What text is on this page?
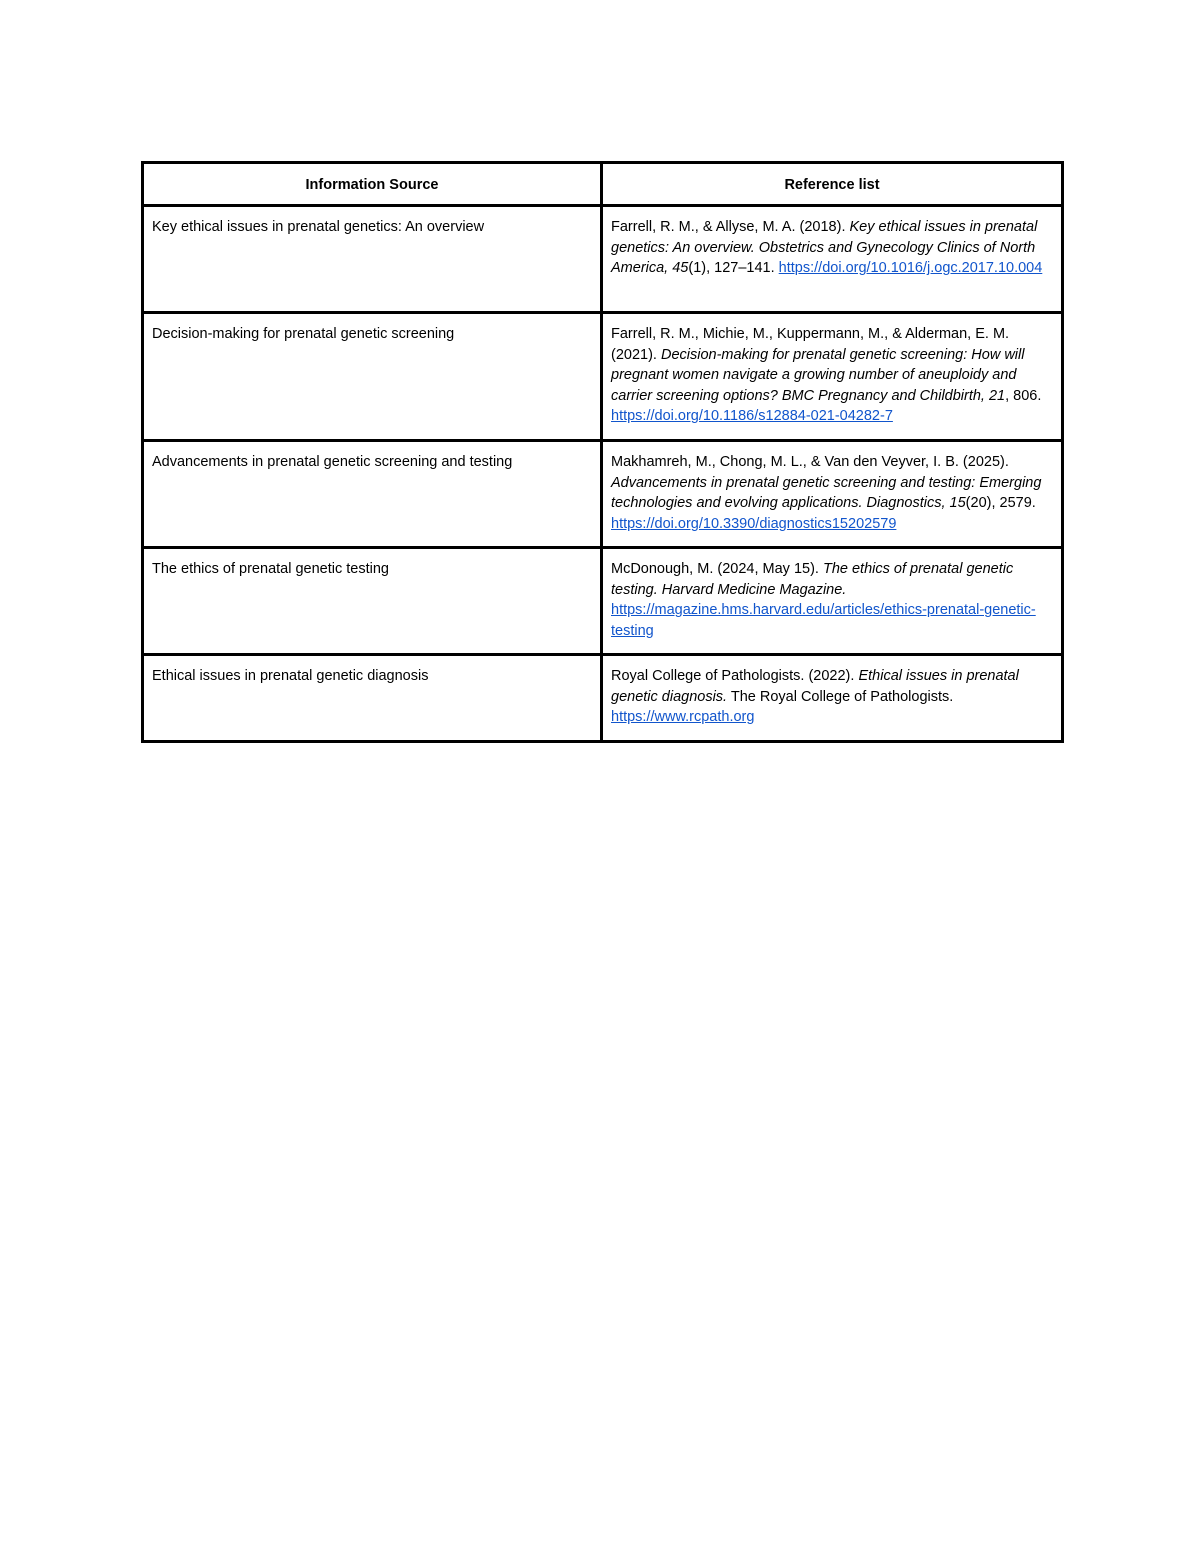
Information Source	Reference list
Key ethical issues in prenatal genetics: An overview	Farrell, R. M., & Allyse, M. A. (2018). Key ethical issues in prenatal genetics: An overview. Obstetrics and Gynecology Clinics of North America, 45(1), 127–141. https://doi.org/10.1016/j.ogc.2017.10.004
Decision-making for prenatal genetic screening	Farrell, R. M., Michie, M., Kuppermann, M., & Alderman, E. M. (2021). Decision-making for prenatal genetic screening: How will pregnant women navigate a growing number of aneuploidy and carrier screening options? BMC Pregnancy and Childbirth, 21, 806. https://doi.org/10.1186/s12884-021-04282-7
Advancements in prenatal genetic screening and testing	Makhamreh, M., Chong, M. L., & Van den Veyver, I. B. (2025). Advancements in prenatal genetic screening and testing: Emerging technologies and evolving applications. Diagnostics, 15(20), 2579. https://doi.org/10.3390/diagnostics15202579
The ethics of prenatal genetic testing	McDonough, M. (2024, May 15). The ethics of prenatal genetic testing. Harvard Medicine Magazine. https://magazine.hms.harvard.edu/articles/ethics-prenatal-genetic-testing
Ethical issues in prenatal genetic diagnosis	Royal College of Pathologists. (2022). Ethical issues in prenatal genetic diagnosis. The Royal College of Pathologists. https://www.rcpath.org
